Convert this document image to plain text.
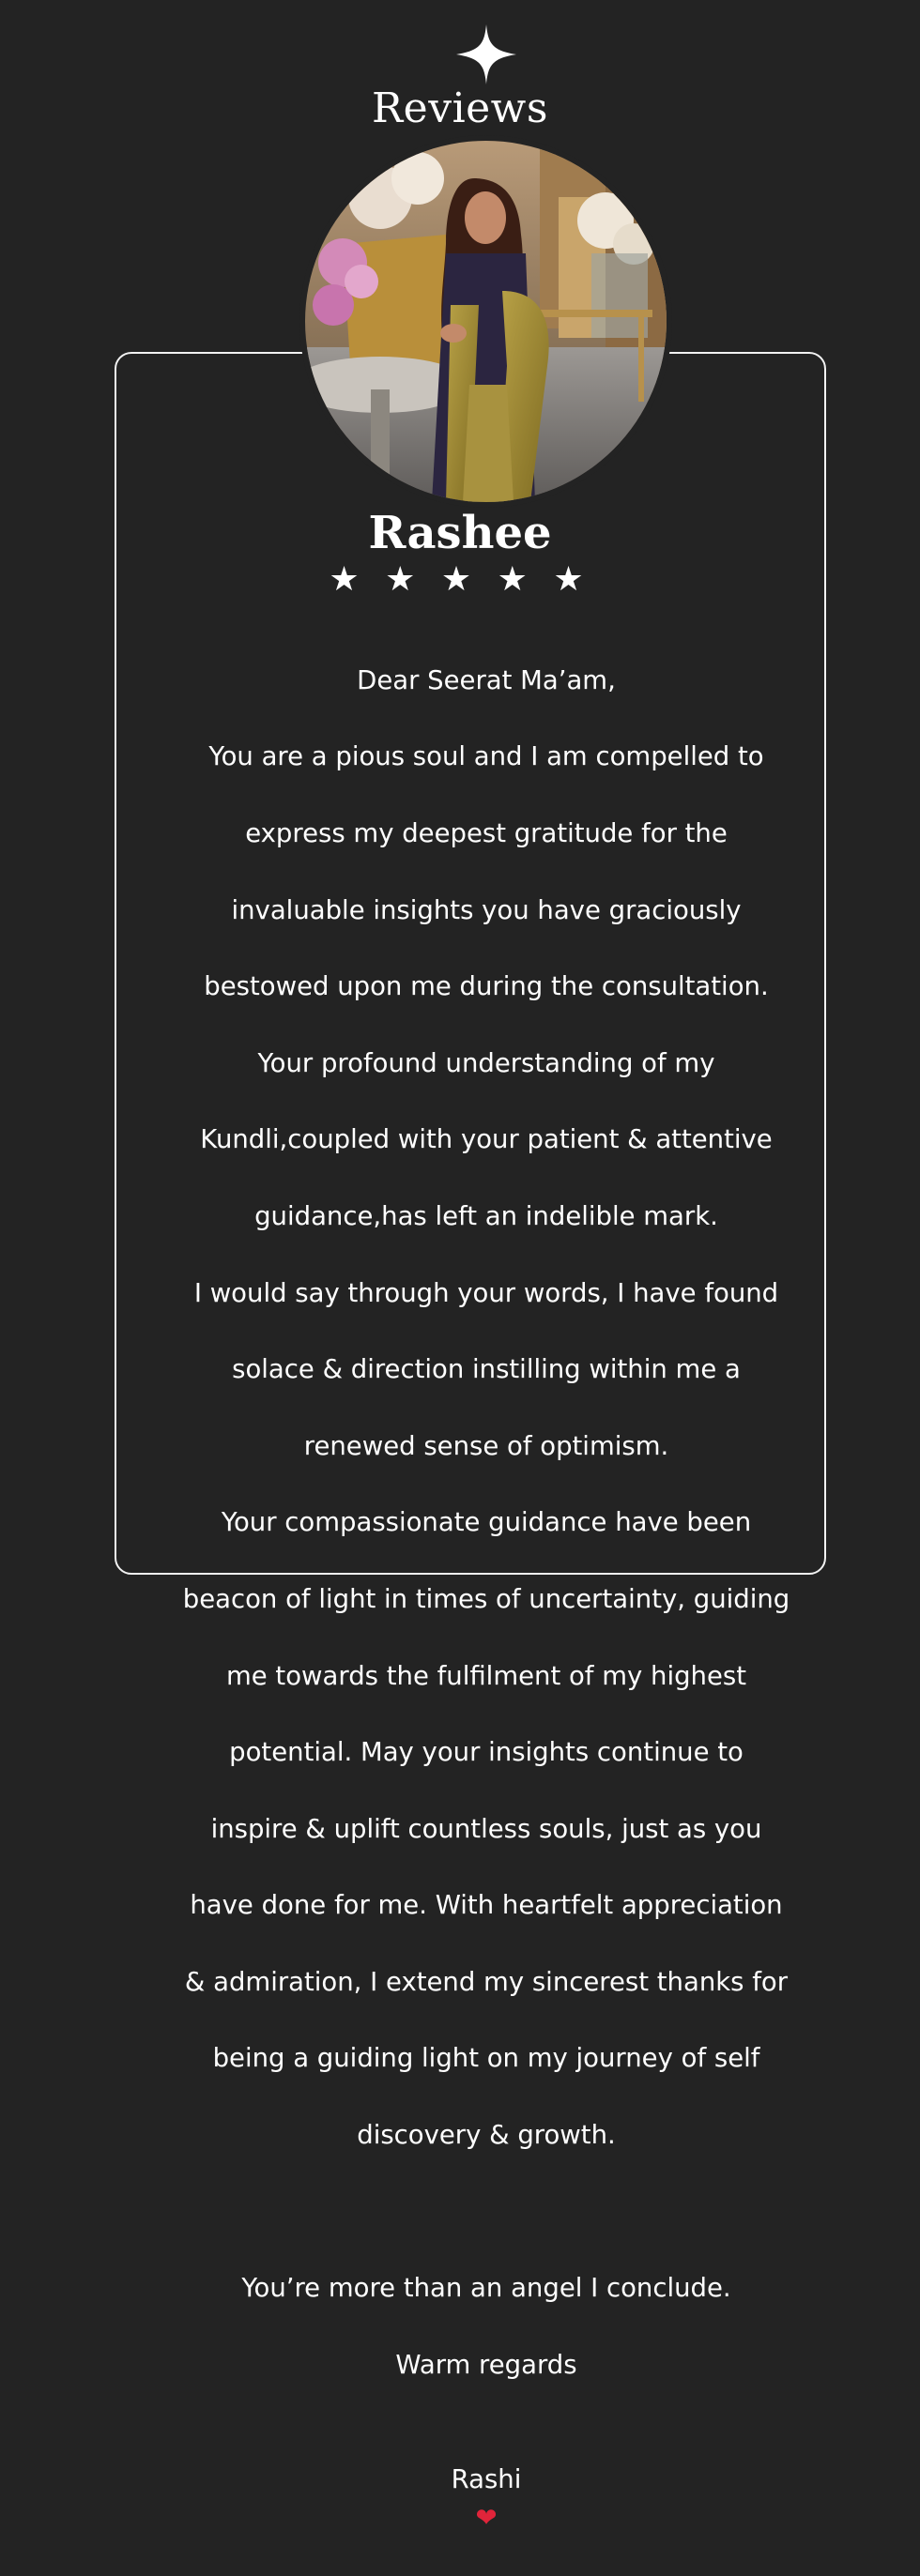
Reviews
Rashee
★ ★ ★ ★ ★

Dear Seerat Ma’am,

You are a pious soul and I am compelled to

express my deepest gratitude for the

invaluable insights you have graciously

bestowed upon me during the consultation.

Your profound understanding of my

Kundli,coupled with your patient & attentive

guidance,has left an indelible mark.

I would say through your words, I have found

solace & direction instilling within me a

renewed sense of optimism.

Your compassionate guidance have been

beacon of light in times of uncertainty, guiding

me towards the fulfilment of my highest

potential. May your insights continue to

inspire & uplift countless souls, just as you

have done for me. With heartfelt appreciation

& admiration, I extend my sincerest thanks for

being a guiding light on my journey of self

discovery & growth.

You’re more than an angel I conclude.

Warm regards

Rashi
❤
